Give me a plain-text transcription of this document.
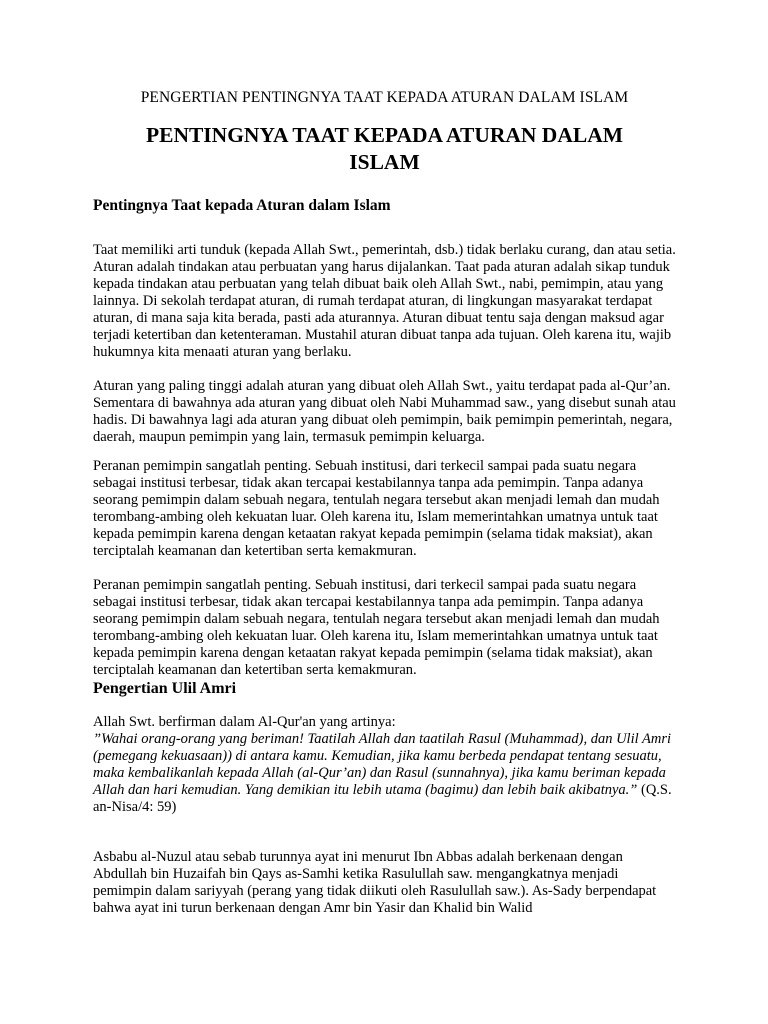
PENGERTIAN PENTINGNYA TAAT KEPADA ATURAN DALAM ISLAM
PENTINGNYA TAAT KEPADA ATURAN DALAM ISLAM
Pentingnya Taat kepada Aturan dalam Islam

Taat memiliki arti tunduk (kepada Allah Swt., pemerintah, dsb.) tidak berlaku curang, dan atau setia. Aturan adalah tindakan atau perbuatan yang harus dijalankan. Taat pada aturan adalah sikap tunduk kepada tindakan atau perbuatan yang telah dibuat baik oleh Allah Swt., nabi, pemimpin, atau yang lainnya. Di sekolah terdapat aturan, di rumah terdapat aturan, di lingkungan masyarakat terdapat aturan, di mana saja kita berada, pasti ada aturannya. Aturan dibuat tentu saja dengan maksud agar terjadi ketertiban dan ketenteraman. Mustahil aturan dibuat tanpa ada tujuan. Oleh karena itu, wajib hukumnya kita menaati aturan yang berlaku.

Aturan yang paling tinggi adalah aturan yang dibuat oleh Allah Swt., yaitu terdapat pada al-Qur’an. Sementara di bawahnya ada aturan yang dibuat oleh Nabi Muhammad saw., yang disebut sunah atau hadis. Di bawahnya lagi ada aturan yang dibuat oleh pemimpin, baik pemimpin pemerintah, negara, daerah, maupun pemimpin yang lain, termasuk pemimpin keluarga.

Peranan pemimpin sangatlah penting. Sebuah institusi, dari terkecil sampai pada suatu negara sebagai institusi terbesar, tidak akan tercapai kestabilannya tanpa ada pemimpin. Tanpa adanya seorang pemimpin dalam sebuah negara, tentulah negara tersebut akan menjadi lemah dan mudah terombang-ambing oleh kekuatan luar. Oleh karena itu, Islam memerintahkan umatnya untuk taat kepada pemimpin karena dengan ketaatan rakyat kepada pemimpin (selama tidak maksiat), akan terciptalah keamanan dan ketertiban serta kemakmuran.

Peranan pemimpin sangatlah penting. Sebuah institusi, dari terkecil sampai pada suatu negara sebagai institusi terbesar, tidak akan tercapai kestabilannya tanpa ada pemimpin. Tanpa adanya seorang pemimpin dalam sebuah negara, tentulah negara tersebut akan menjadi lemah dan mudah terombang-ambing oleh kekuatan luar. Oleh karena itu, Islam memerintahkan umatnya untuk taat kepada pemimpin karena dengan ketaatan rakyat kepada pemimpin (selama tidak maksiat), akan terciptalah keamanan dan ketertiban serta kemakmuran.

Pengertian Ulil Amri

Allah Swt. berfirman dalam Al-Qur'an yang artinya:
”Wahai orang-orang yang beriman! Taatilah Allah dan taatilah Rasul (Muhammad), dan Ulil Amri (pemegang kekuasaan)) di antara kamu. Kemudian, jika kamu berbeda pendapat tentang sesuatu, maka kembalikanlah kepada Allah (al-Qur’an) dan Rasul (sunnahnya), jika kamu beriman kepada Allah dan hari kemudian. Yang demikian itu lebih utama (bagimu) dan lebih baik akibatnya.” (Q.S. an-Nisa/4: 59)

Asbabu al-Nuzul atau sebab turunnya ayat ini menurut Ibn Abbas adalah berkenaan dengan Abdullah bin Huzaifah bin Qays as-Samhi ketika Rasulullah saw. mengangkatnya menjadi pemimpin dalam sariyyah (perang yang tidak diikuti oleh Rasulullah saw.). As-Sady berpendapat bahwa ayat ini turun berkenaan dengan Amr bin Yasir dan Khalid bin Walid
